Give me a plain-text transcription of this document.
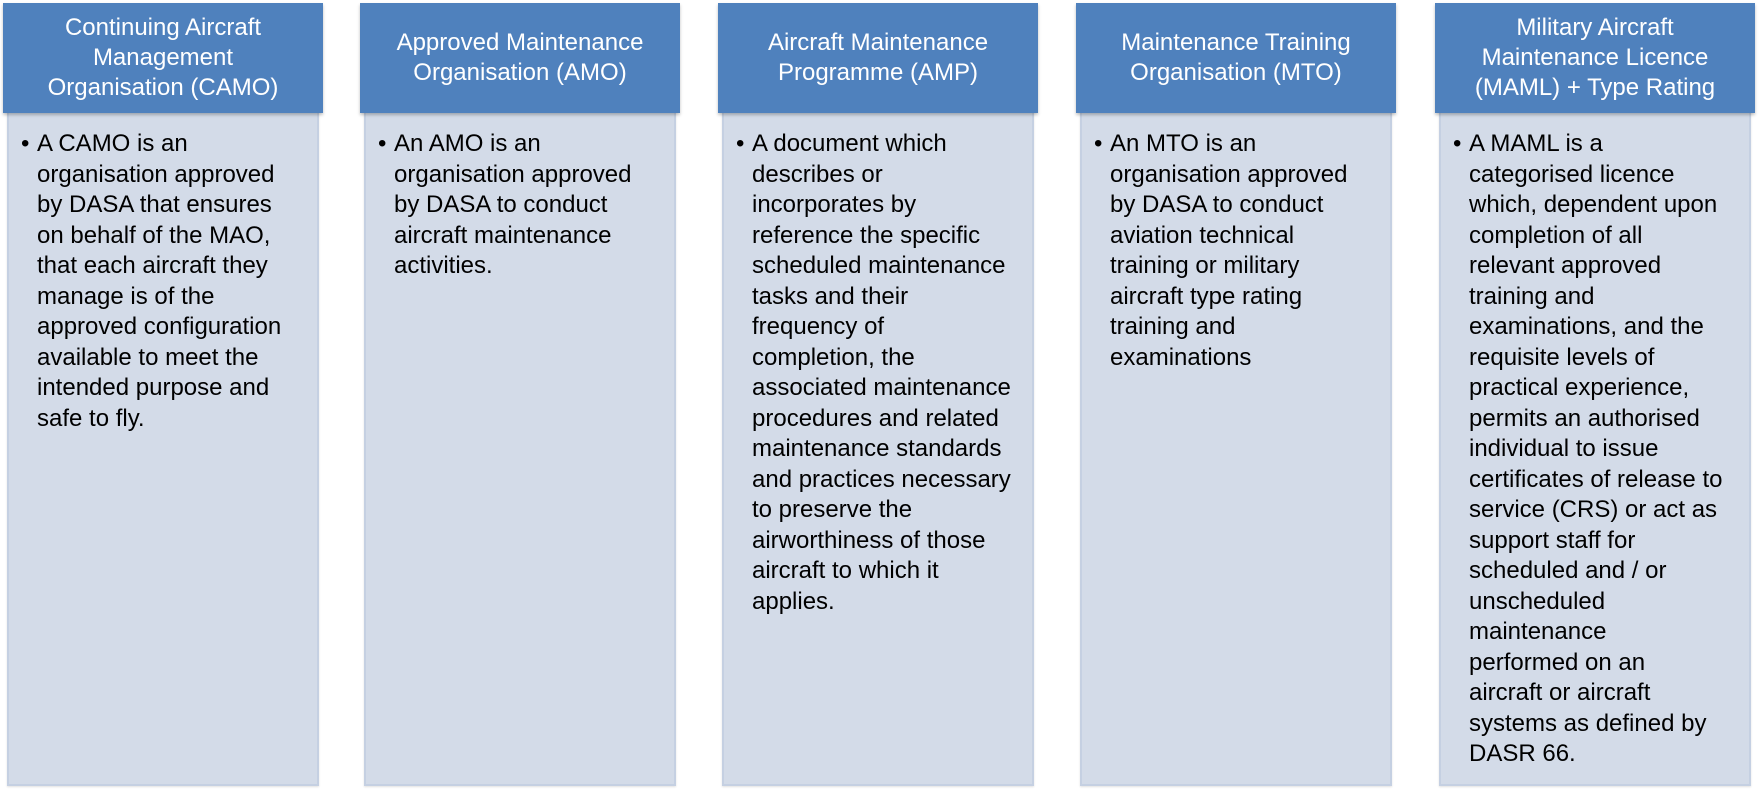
Continuing Aircraft
Management
Organisation (CAMO)
• A CAMO is an
organisation approved
by DASA that ensures
on behalf of the MAO,
that each aircraft they
manage is of the
approved configuration
available to meet the
intended purpose and
safe to fly.
Approved Maintenance
Organisation (AMO)
• An AMO is an
organisation approved
by DASA to conduct
aircraft maintenance
activities.
Aircraft Maintenance
Programme (AMP)
• A document which
describes or
incorporates by
reference the specific
scheduled maintenance
tasks and their
frequency of
completion, the
associated maintenance
procedures and related
maintenance standards
and practices necessary
to preserve the
airworthiness of those
aircraft to which it
applies.
Maintenance Training
Organisation (MTO)
• An MTO is an
organisation approved
by DASA to conduct
aviation technical
training or military
aircraft type rating
training and
examinations
Military Aircraft
Maintenance Licence
(MAML) + Type Rating
• A MAML is a
categorised licence
which, dependent upon
completion of all
relevant approved
training and
examinations, and the
requisite levels of
practical experience,
permits an authorised
individual to issue
certificates of release to
service (CRS) or act as
support staff for
scheduled and / or
unscheduled
maintenance
performed on an
aircraft or aircraft
systems as defined by
DASR 66.
